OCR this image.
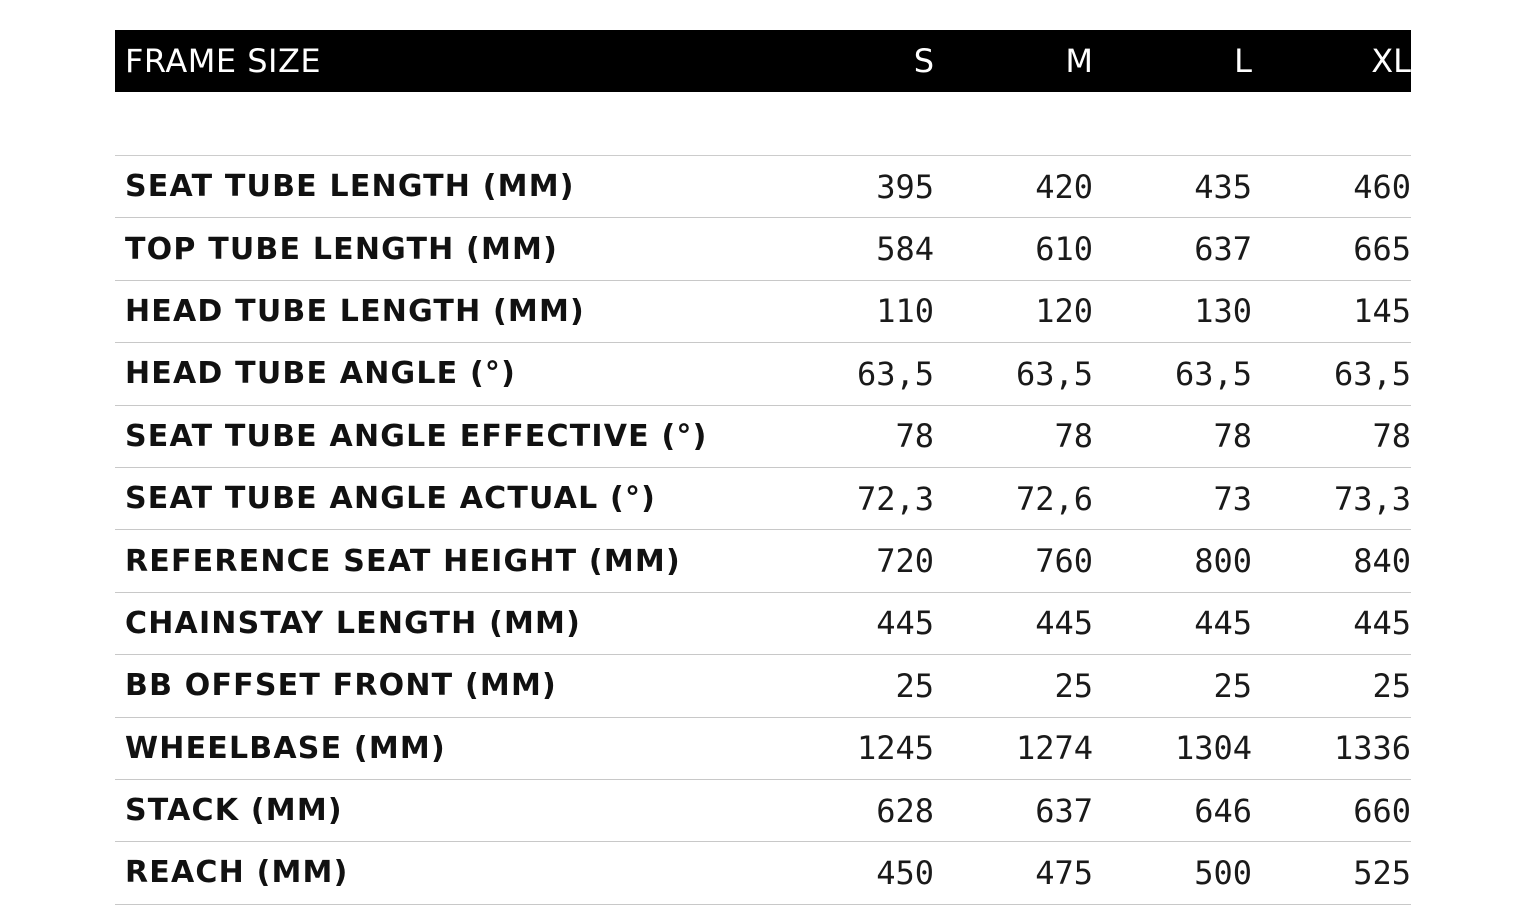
FRAME SIZE	S	M	L	XL
SEAT TUBE LENGTH (MM)	395	420	435	460
TOP TUBE LENGTH (MM)	584	610	637	665
HEAD TUBE LENGTH (MM)	110	120	130	145
HEAD TUBE ANGLE (°)	63,5	63,5	63,5	63,5
SEAT TUBE ANGLE EFFECTIVE (°)	78	78	78	78
SEAT TUBE ANGLE ACTUAL (°)	72,3	72,6	73	73,3
REFERENCE SEAT HEIGHT (MM)	720	760	800	840
CHAINSTAY LENGTH (MM)	445	445	445	445
BB OFFSET FRONT (MM)	25	25	25	25
WHEELBASE (MM)	1245	1274	1304	1336
STACK (MM)	628	637	646	660
REACH (MM)	450	475	500	525
